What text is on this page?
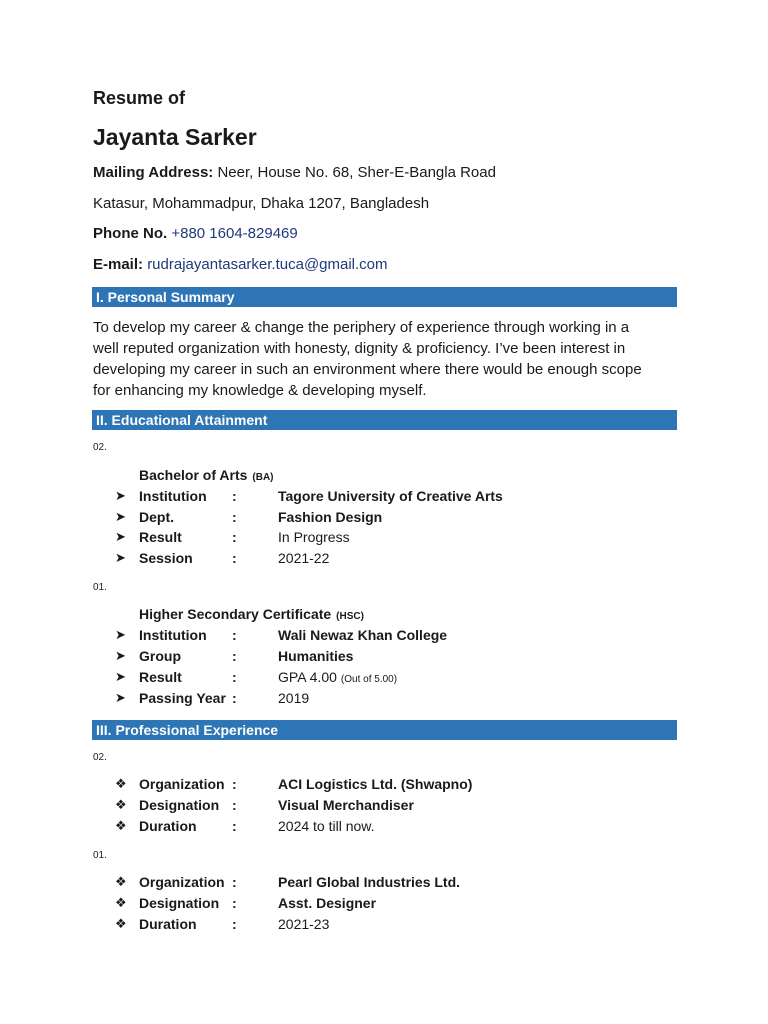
Resume of
Jayanta Sarker
Mailing Address: Neer, House No. 68, Sher-E-Bangla Road
Katasur, Mohammadpur, Dhaka 1207, Bangladesh
Phone No. +880 1604-829469
E-mail: rudrajayantasarker.tuca@gmail.com
I. Personal Summary
To develop my career & change the periphery of experience through working in a
well reputed organization with honesty, dignity & proficiency. I’ve been interest in
developing my career in such an environment where there would be enough scope
for enhancing my knowledge & developing myself.
II. Educational Attainment
02.
Bachelor of Arts (BA)
➤ Institution :	Tagore University of Creative Arts
➤ Dept.	:	Fashion Design
➤ Result	:	In Progress
➤ Session	:	2021-22
01.
Higher Secondary Certificate (HSC)
➤ Institution :	Wali Newaz Khan College
➤ Group	:	Humanities
➤ Result	:	GPA 4.00 (Out of 5.00)
➤ Passing Year :	2019
III. Professional Experience
02.
❖ Organization :	ACI Logistics Ltd. (Shwapno)
❖ Designation :	Visual Merchandiser
❖ Duration	:	2024 to till now.
01.
❖ Organization :	Pearl Global Industries Ltd.
❖ Designation :	Asst. Designer
❖ Duration	:	2021-23
